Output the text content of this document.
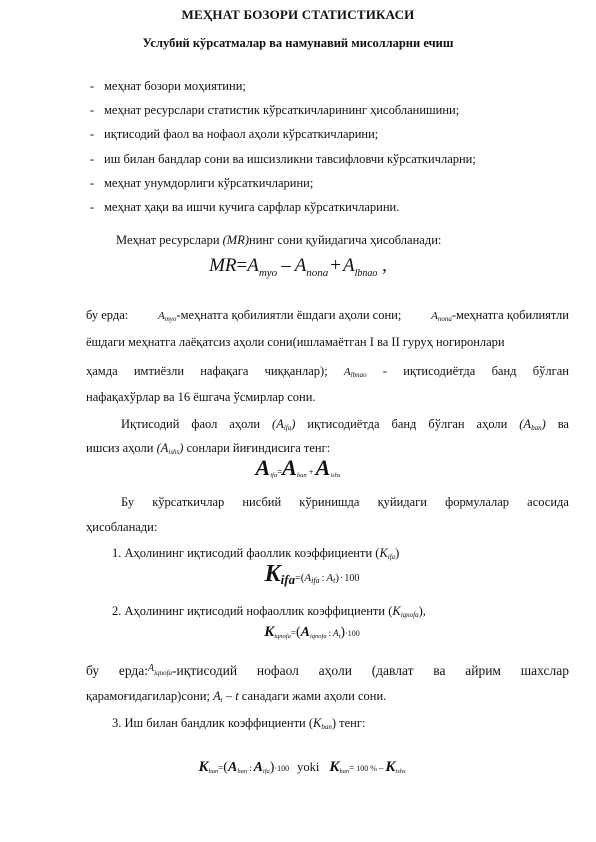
МЕҲНАТ БОЗОРИ СТАТИСТИКАСИ
Услубий кўрсатмалар ва намунавий мисолларни ечиш
- меҳнат бозори моҳиятини;
- меҳнат ресурслари статистик кўрсаткичларининг ҳисобланишини;
- иқтисодий фаол ва нофаол аҳоли кўрсаткичларини;
- иш билан бандлар сони ва ишсизликни тавсифловчи кўрсаткичларни;
- меҳнат унумдорлиги кўрсаткичларини;
- меҳнат ҳақи ва ишчи кучига сарфлар кўрсаткичларини.
Меҳнат ресурслари (MR)нинг сони қуйидагича ҳисобланади:
$MR=A_{myo} - A_{nona} + A_{lbnao}$ ,
бу ерда:	$A_{myo}$-меҳнатга қобилиятли ёшдаги аҳоли сони;	$A_{nona}$-меҳнатга қобилиятли
ёшдаги меҳнатга лаёқатсиз аҳоли сони(ишламаётган I ва II гуруҳ ногиронлари
ҳамда имтиёзли нафақага чиққанлар); $A_{lbnao}$ - иқтисодиётда банд бўлган
нафақахўрлар ва 16 ёшгача ўсмирлар сони.
Иқтисодий фаол аҳоли $(A_{ifa})$ иқтисодиётда банд бўлган аҳоли $(A_{ban})$ ва
ишсиз аҳоли $(A_{ishs})$ сонлари йиғиндисига тенг:
Aifa=Aban +Aishs
Бу кўрсаткичлар нисбий кўринишда қуйидаги формулалар асосида
ҳисобланади:
1. Аҳолининг иқтисодий фаоллик коэффициенти $(K_{ifa})$
Kifa=(Aifa : At)·100
2. Аҳолининг иқтисодий нофаоллик коэффициенти $(K_{iqnofa})$,
Kiqnofa=(Aiqnofa : At)·100
бу ерда:$^A$iqnofa-иқтисодий нофаол аҳоли (давлат ва айрим шахслар
қарамоғидагилар)сони; $A_t$ – t санадаги жами аҳоли сони.
3. Иш билан бандлик коэффициенти $(K_{ban})$ тенг:
Kban=(Aban : Aifa)·100 yoki Kban= 100 % – Kishs
